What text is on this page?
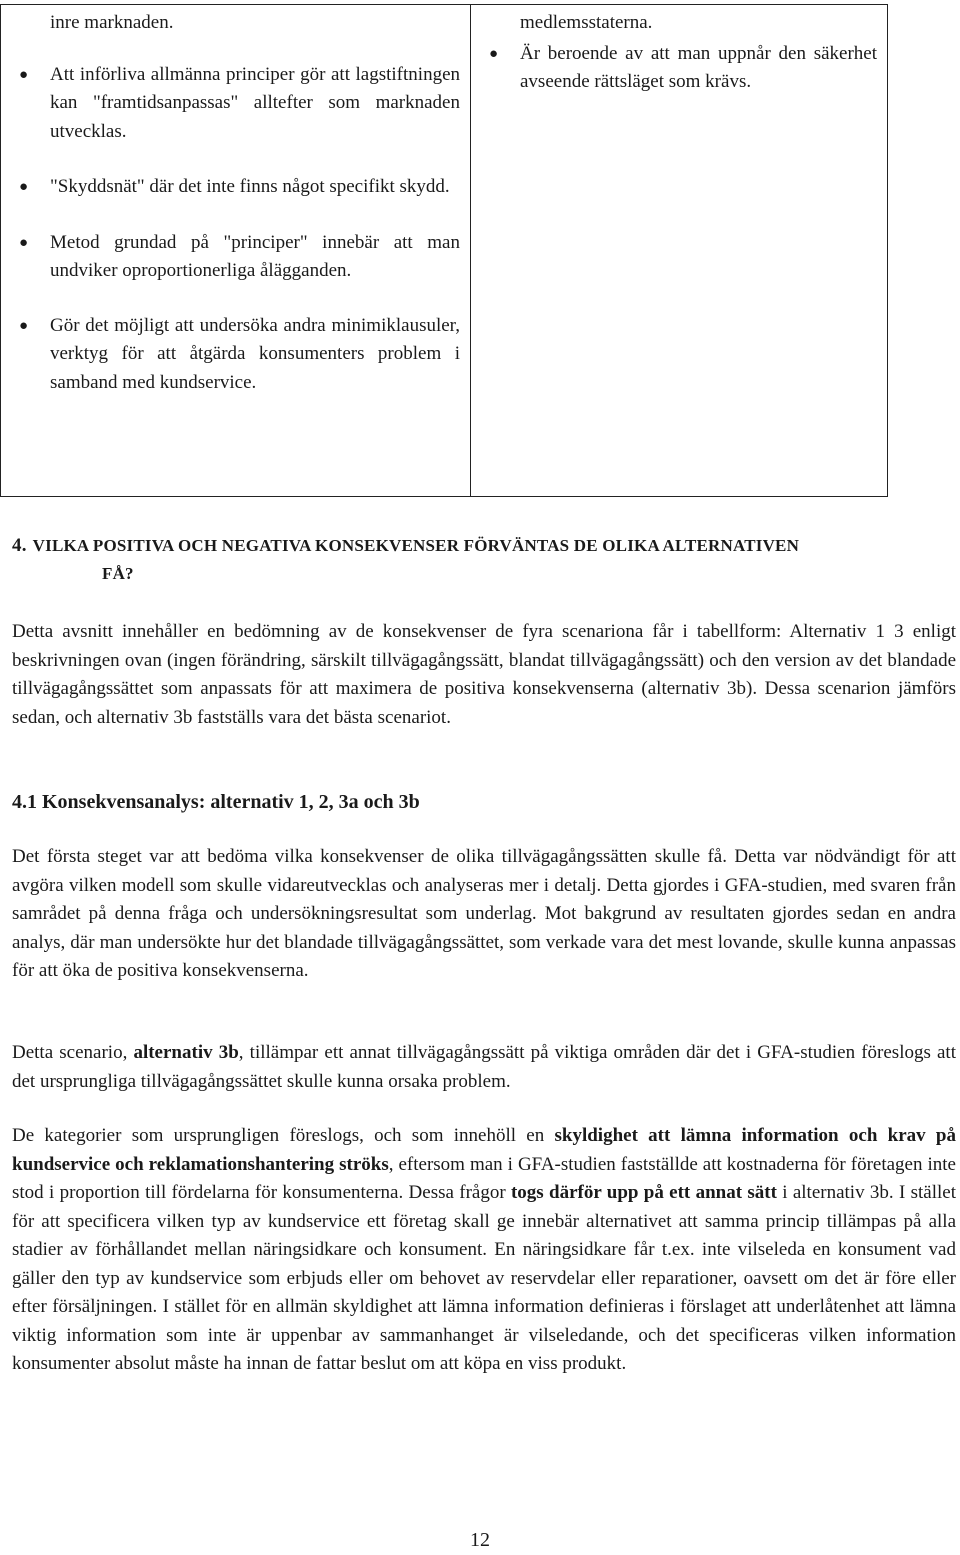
inre marknaden.
● Att införliva allmänna principer gör att lagstiftningen kan "framtidsanpassas" alltefter som marknaden utvecklas.
● "Skyddsnät" där det inte finns något specifikt skydd.
● Metod grundad på "principer" innebär att man undviker oproportionerliga ålägganden.
● Gör det möjligt att undersöka andra minimiklausuler, verktyg för att åtgärda konsumenters problem i samband med kundservice.
medlemsstaterna.
● Är beroende av att man uppnår den säkerhet avseende rättsläget som krävs.
4. VILKA POSITIVA OCH NEGATIVA KONSEKVENSER FÖRVÄNTAS DE OLIKA ALTERNATIVEN
FÅ?

Detta avsnitt innehåller en bedömning av de konsekvenser de fyra scenariona får i tabellform: Alternativ 1 3 enligt beskrivningen ovan (ingen förändring, särskilt tillvägagångssätt, blandat tillvägagångssätt) och den version av det blandade tillvägagångssättet som anpassats för att maximera de positiva konsekvenserna (alternativ 3b). Dessa scenarion jämförs sedan, och alternativ 3b fastställs vara det bästa scenariot.

4.1 Konsekvensanalys: alternativ 1, 2, 3a och 3b

Det första steget var att bedöma vilka konsekvenser de olika tillvägagångssätten skulle få. Detta var nödvändigt för att avgöra vilken modell som skulle vidareutvecklas och analyseras mer i detalj. Detta gjordes i GFA-studien, med svaren från samrådet på denna fråga och undersökningsresultat som underlag. Mot bakgrund av resultaten gjordes sedan en andra analys, där man undersökte hur det blandade tillvägagångssättet, som verkade vara det mest lovande, skulle kunna anpassas för att öka de positiva konsekvenserna.

Detta scenario, alternativ 3b, tillämpar ett annat tillvägagångssätt på viktiga områden där det i GFA-studien föreslogs att det ursprungliga tillvägagångssättet skulle kunna orsaka problem.

De kategorier som ursprungligen föreslogs, och som innehöll en skyldighet att lämna information och krav på kundservice och reklamationshantering ströks, eftersom man i GFA-studien fastställde att kostnaderna för företagen inte stod i proportion till fördelarna för konsumenterna. Dessa frågor togs därför upp på ett annat sätt i alternativ 3b. I stället för att specificera vilken typ av kundservice ett företag skall ge innebär alternativet att samma princip tillämpas på alla stadier av förhållandet mellan näringsidkare och konsument. En näringsidkare får t.ex. inte vilseleda en konsument vad gäller den typ av kundservice som erbjuds eller om behovet av reservdelar eller reparationer, oavsett om det är före eller efter försäljningen. I stället för en allmän skyldighet att lämna information definieras i förslaget att underlåtenhet att lämna viktig information som inte är uppenbar av sammanhanget är vilseledande, och det specificeras vilken information konsumenter absolut måste ha innan de fattar beslut om att köpa en viss produkt.

12
